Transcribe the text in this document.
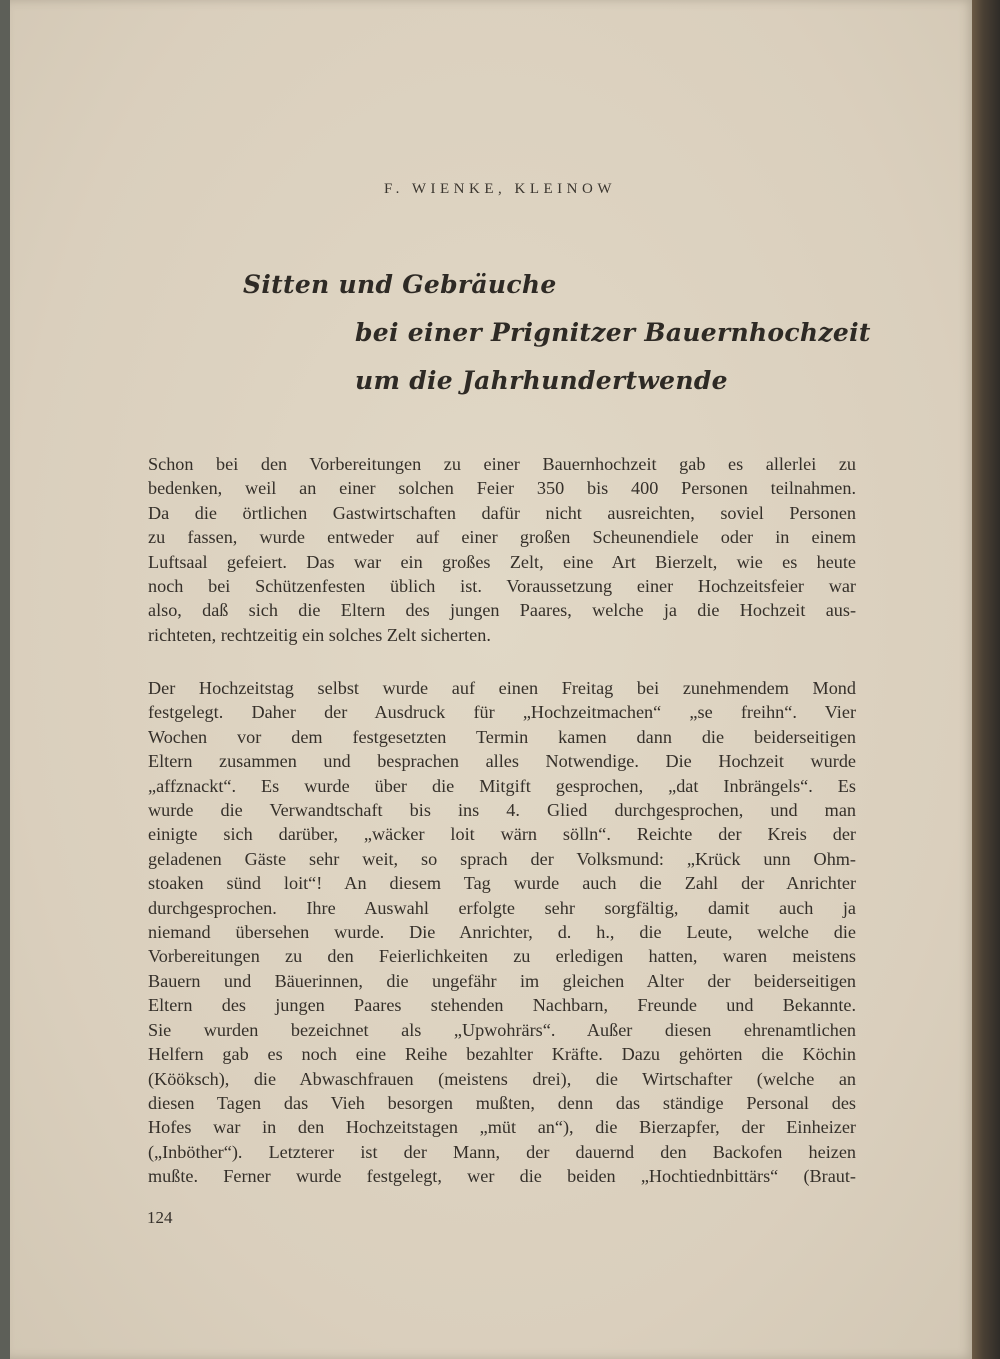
F. WIENKE, KLEINOW
Sitten und Gebräuche
bei einer Prignitzer Bauernhochzeit
um die Jahrhundertwende
Schon bei den Vorbereitungen zu einer Bauernhochzeit gab es allerlei zu
bedenken, weil an einer solchen Feier 350 bis 400 Personen teilnahmen.
Da die örtlichen Gastwirtschaften dafür nicht ausreichten, soviel Personen
zu fassen, wurde entweder auf einer großen Scheunendiele oder in einem
Luftsaal gefeiert. Das war ein großes Zelt, eine Art Bierzelt, wie es heute
noch bei Schützenfesten üblich ist. Voraussetzung einer Hochzeitsfeier war
also, daß sich die Eltern des jungen Paares, welche ja die Hochzeit aus-
richteten, rechtzeitig ein solches Zelt sicherten.
Der Hochzeitstag selbst wurde auf einen Freitag bei zunehmendem Mond
festgelegt. Daher der Ausdruck für „Hochzeitmachen“ „se freihn“. Vier
Wochen vor dem festgesetzten Termin kamen dann die beiderseitigen
Eltern zusammen und besprachen alles Notwendige. Die Hochzeit wurde
„affznackt“. Es wurde über die Mitgift gesprochen, „dat Inbrängels“. Es
wurde die Verwandtschaft bis ins 4. Glied durchgesprochen, und man
einigte sich darüber, „wäcker loit wärn sölln“. Reichte der Kreis der
geladenen Gäste sehr weit, so sprach der Volksmund: „Krück unn Ohm-
stoaken sünd loit“! An diesem Tag wurde auch die Zahl der Anrichter
durchgesprochen. Ihre Auswahl erfolgte sehr sorgfältig, damit auch ja
niemand übersehen wurde. Die Anrichter, d. h., die Leute, welche die
Vorbereitungen zu den Feierlichkeiten zu erledigen hatten, waren meistens
Bauern und Bäuerinnen, die ungefähr im gleichen Alter der beiderseitigen
Eltern des jungen Paares stehenden Nachbarn, Freunde und Bekannte.
Sie wurden bezeichnet als „Upwohrärs“. Außer diesen ehrenamtlichen
Helfern gab es noch eine Reihe bezahlter Kräfte. Dazu gehörten die Köchin
(Kööksch), die Abwaschfrauen (meistens drei), die Wirtschafter (welche an
diesen Tagen das Vieh besorgen mußten, denn das ständige Personal des
Hofes war in den Hochzeitstagen „müt an“), die Bierzapfer, der Einheizer
(„Inböther“). Letzterer ist der Mann, der dauernd den Backofen heizen
mußte. Ferner wurde festgelegt, wer die beiden „Hochtiednbittärs“ (Braut-
124
